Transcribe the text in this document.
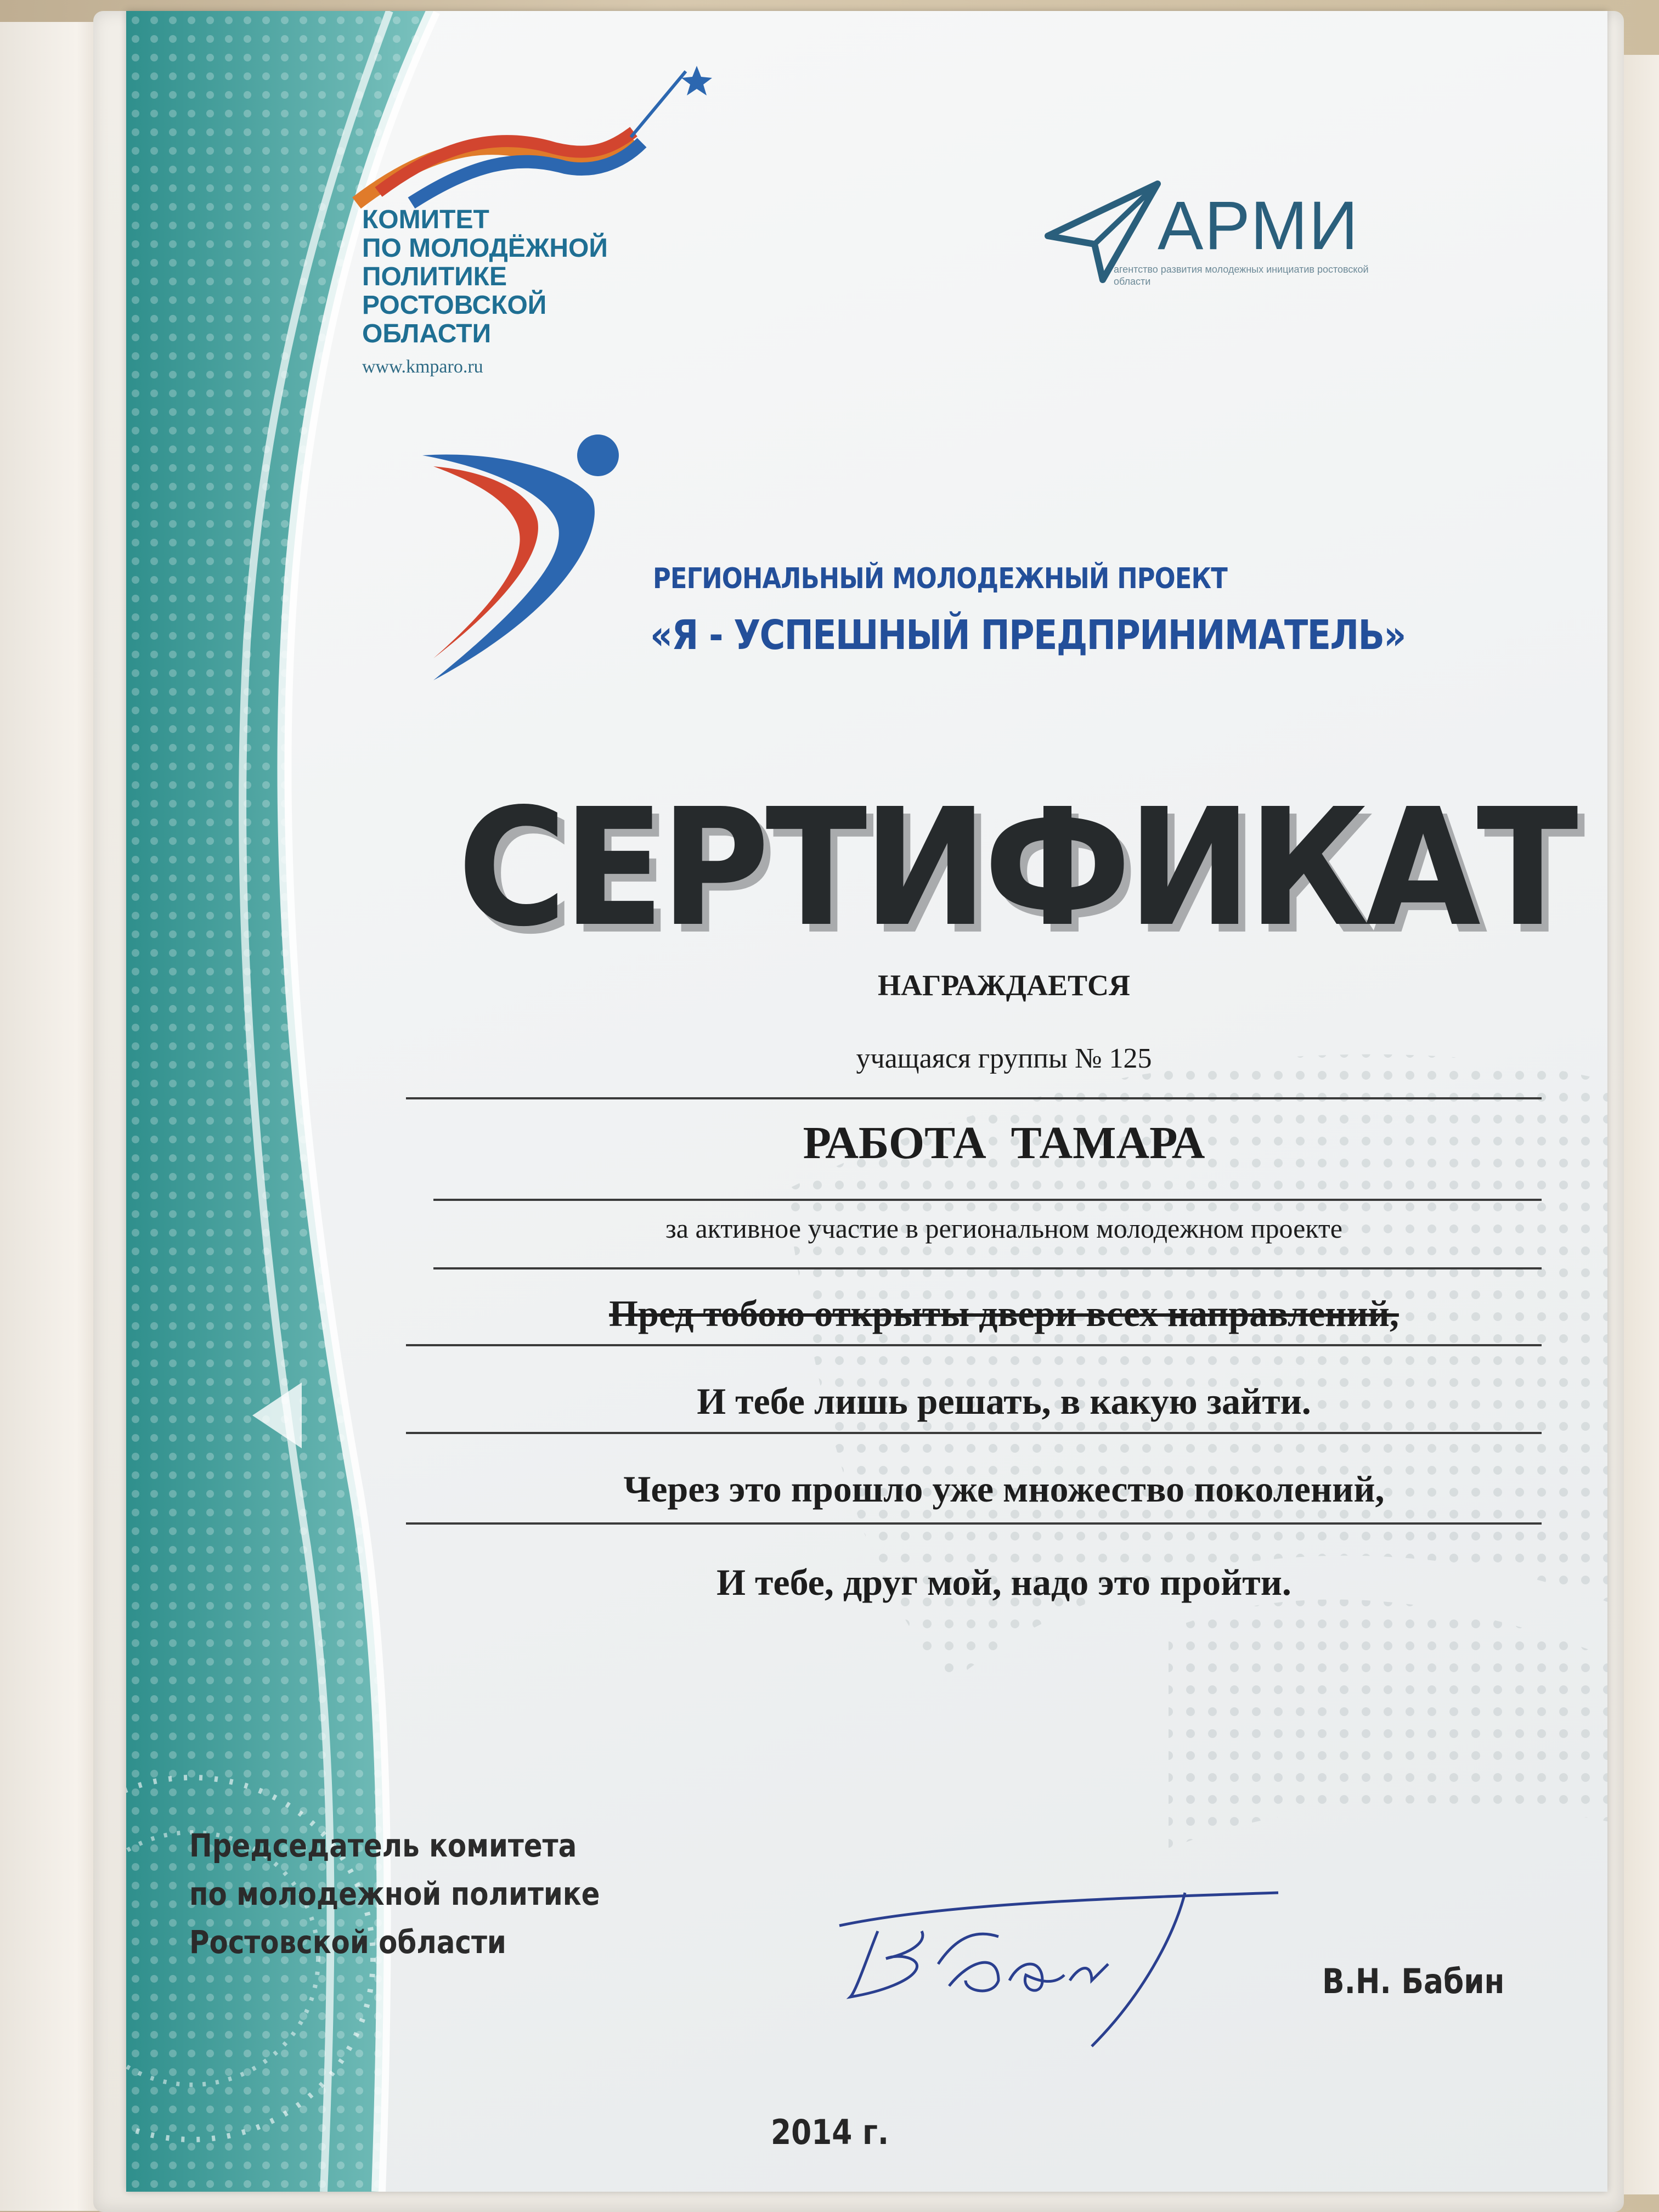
КОМИТЕТ
ПО МОЛОДЁЖНОЙ
ПОЛИТИКЕ
РОСТОВСКОЙ
ОБЛАСТИ
www.kmparo.ru
АРМИ
агентство развития молодежных инициатив ростовской области
РЕГИОНАЛЬНЫЙ МОЛОДЕЖНЫЙ ПРОЕКТ
«Я - УСПЕШНЫЙ ПРЕДПРИНИМАТЕЛЬ»
СЕРТИФИКАТ
НАГРАЖДАЕТСЯ
учащаяся группы № 125
РАБОТА ТАМАРА
за активное участие в региональном молодежном проекте
Пред тобою открыты двери всех направлений,
И тебе лишь решать, в какую зайти.
Через это прошло уже множество поколений,
И тебе, друг мой, надо это пройти.
Председатель комитета
по молодежной политике
Ростовской области
В.Н. Бабин
2014 г.
